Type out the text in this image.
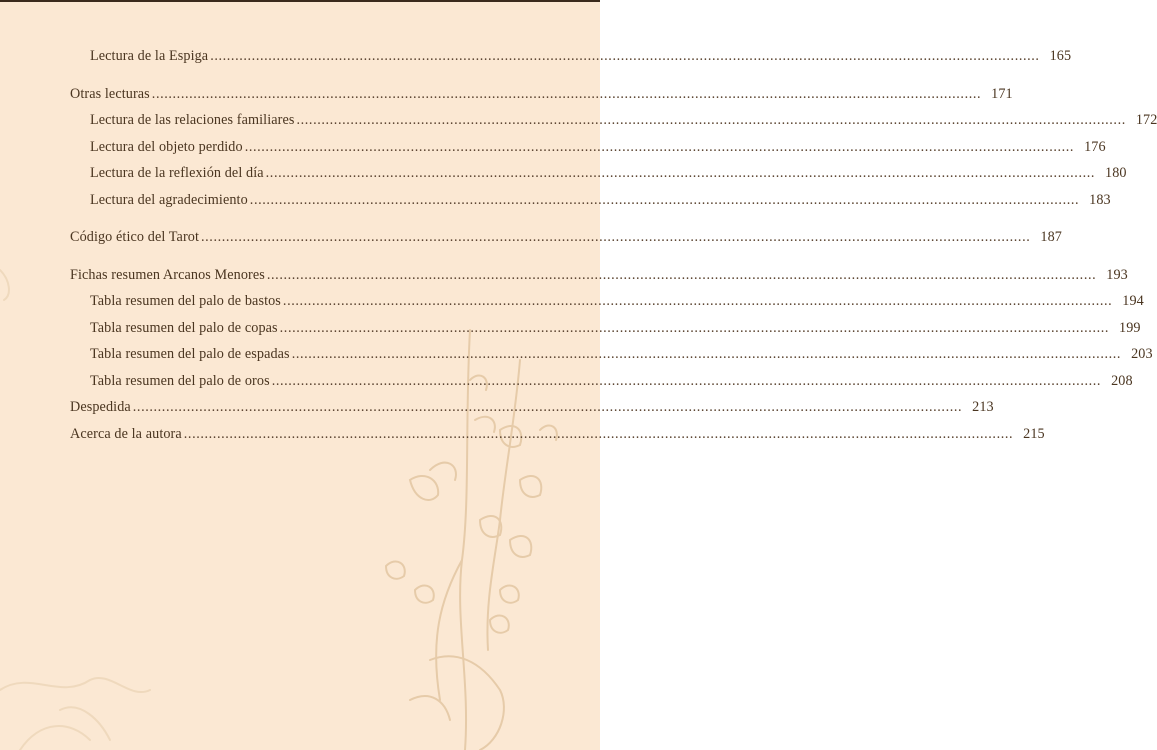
Lectura de la Espiga ........................................................................................................................................................................................................ 165
Otras lecturas ........................................................................................................................................................................................................ 171
Lectura de las relaciones familiares ........................................................................................................................................................................................................ 172
Lectura del objeto perdido ........................................................................................................................................................................................................ 176
Lectura de la reflexión del día ........................................................................................................................................................................................................ 180
Lectura del agradecimiento ........................................................................................................................................................................................................ 183
Código ético del Tarot ........................................................................................................................................................................................................ 187
Fichas resumen Arcanos Menores ........................................................................................................................................................................................................ 193
Tabla resumen del palo de bastos ........................................................................................................................................................................................................ 194
Tabla resumen del palo de copas ........................................................................................................................................................................................................ 199
Tabla resumen del palo de espadas ........................................................................................................................................................................................................ 203
Tabla resumen del palo de oros ........................................................................................................................................................................................................ 208
Despedida ........................................................................................................................................................................................................ 213
Acerca de la autora ........................................................................................................................................................................................................ 215
